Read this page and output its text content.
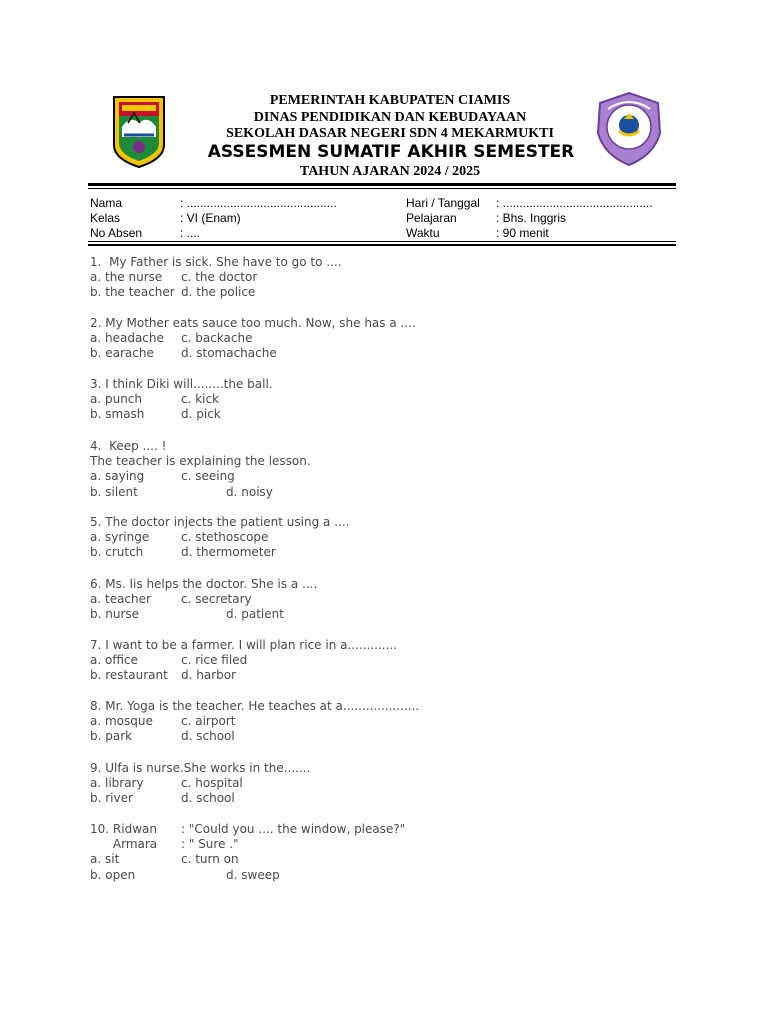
PEMERINTAH KABUPATEN CIAMIS
DINAS PENDIDIKAN DAN KEBUDAYAAN
SEKOLAH DASAR NEGERI SDN 4 MEKARMUKTI
ASSESMEN SUMATIF AKHIR SEMESTER
TAHUN AJARAN 2024 / 2025
Nama	: .............................................
Kelas	: VI (Enam)
No Absen	: ....
Hari / Tanggal : .............................................
Pelajaran	: Bhs. Inggris
Waktu	: 90 menit
1.  My Father is sick. She have to go to ....
a. the nurse c. the doctor
b. the teacher d. the police
2. My Mother eats sauce too much. Now, she has a ....
a. headache c. backache
b. earache d. stomachache
3. I think Diki will........the ball.
a. punch	c. kick
b. smash	d. pick
4.  Keep .... !
The teacher is explaining the lesson.
a. saying	c. seeing
b. silent	d. noisy
5. The doctor injects the patient using a ....
a. syringe	c. stethoscope
b. crutch	d. thermometer
6. Ms. Iis helps the doctor. She is a ....
a. teacher	c. secretary
b. nurse	d. patient
7. I want to be a farmer. I will plan rice in a.............
a. office	c. rice filed
b. restaurant d. harbor
8. Mr. Yoga is the teacher. He teaches at a....................
a. mosque c. airport
b. park	d. school
9. Ulfa is nurse.She works in the.......
a. library	c. hospital
b. river	d. school
10. Ridwan : "Could you .... the window, please?"
Armara : " Sure ."
a. sit	c. turn on
b. open	d. sweep
